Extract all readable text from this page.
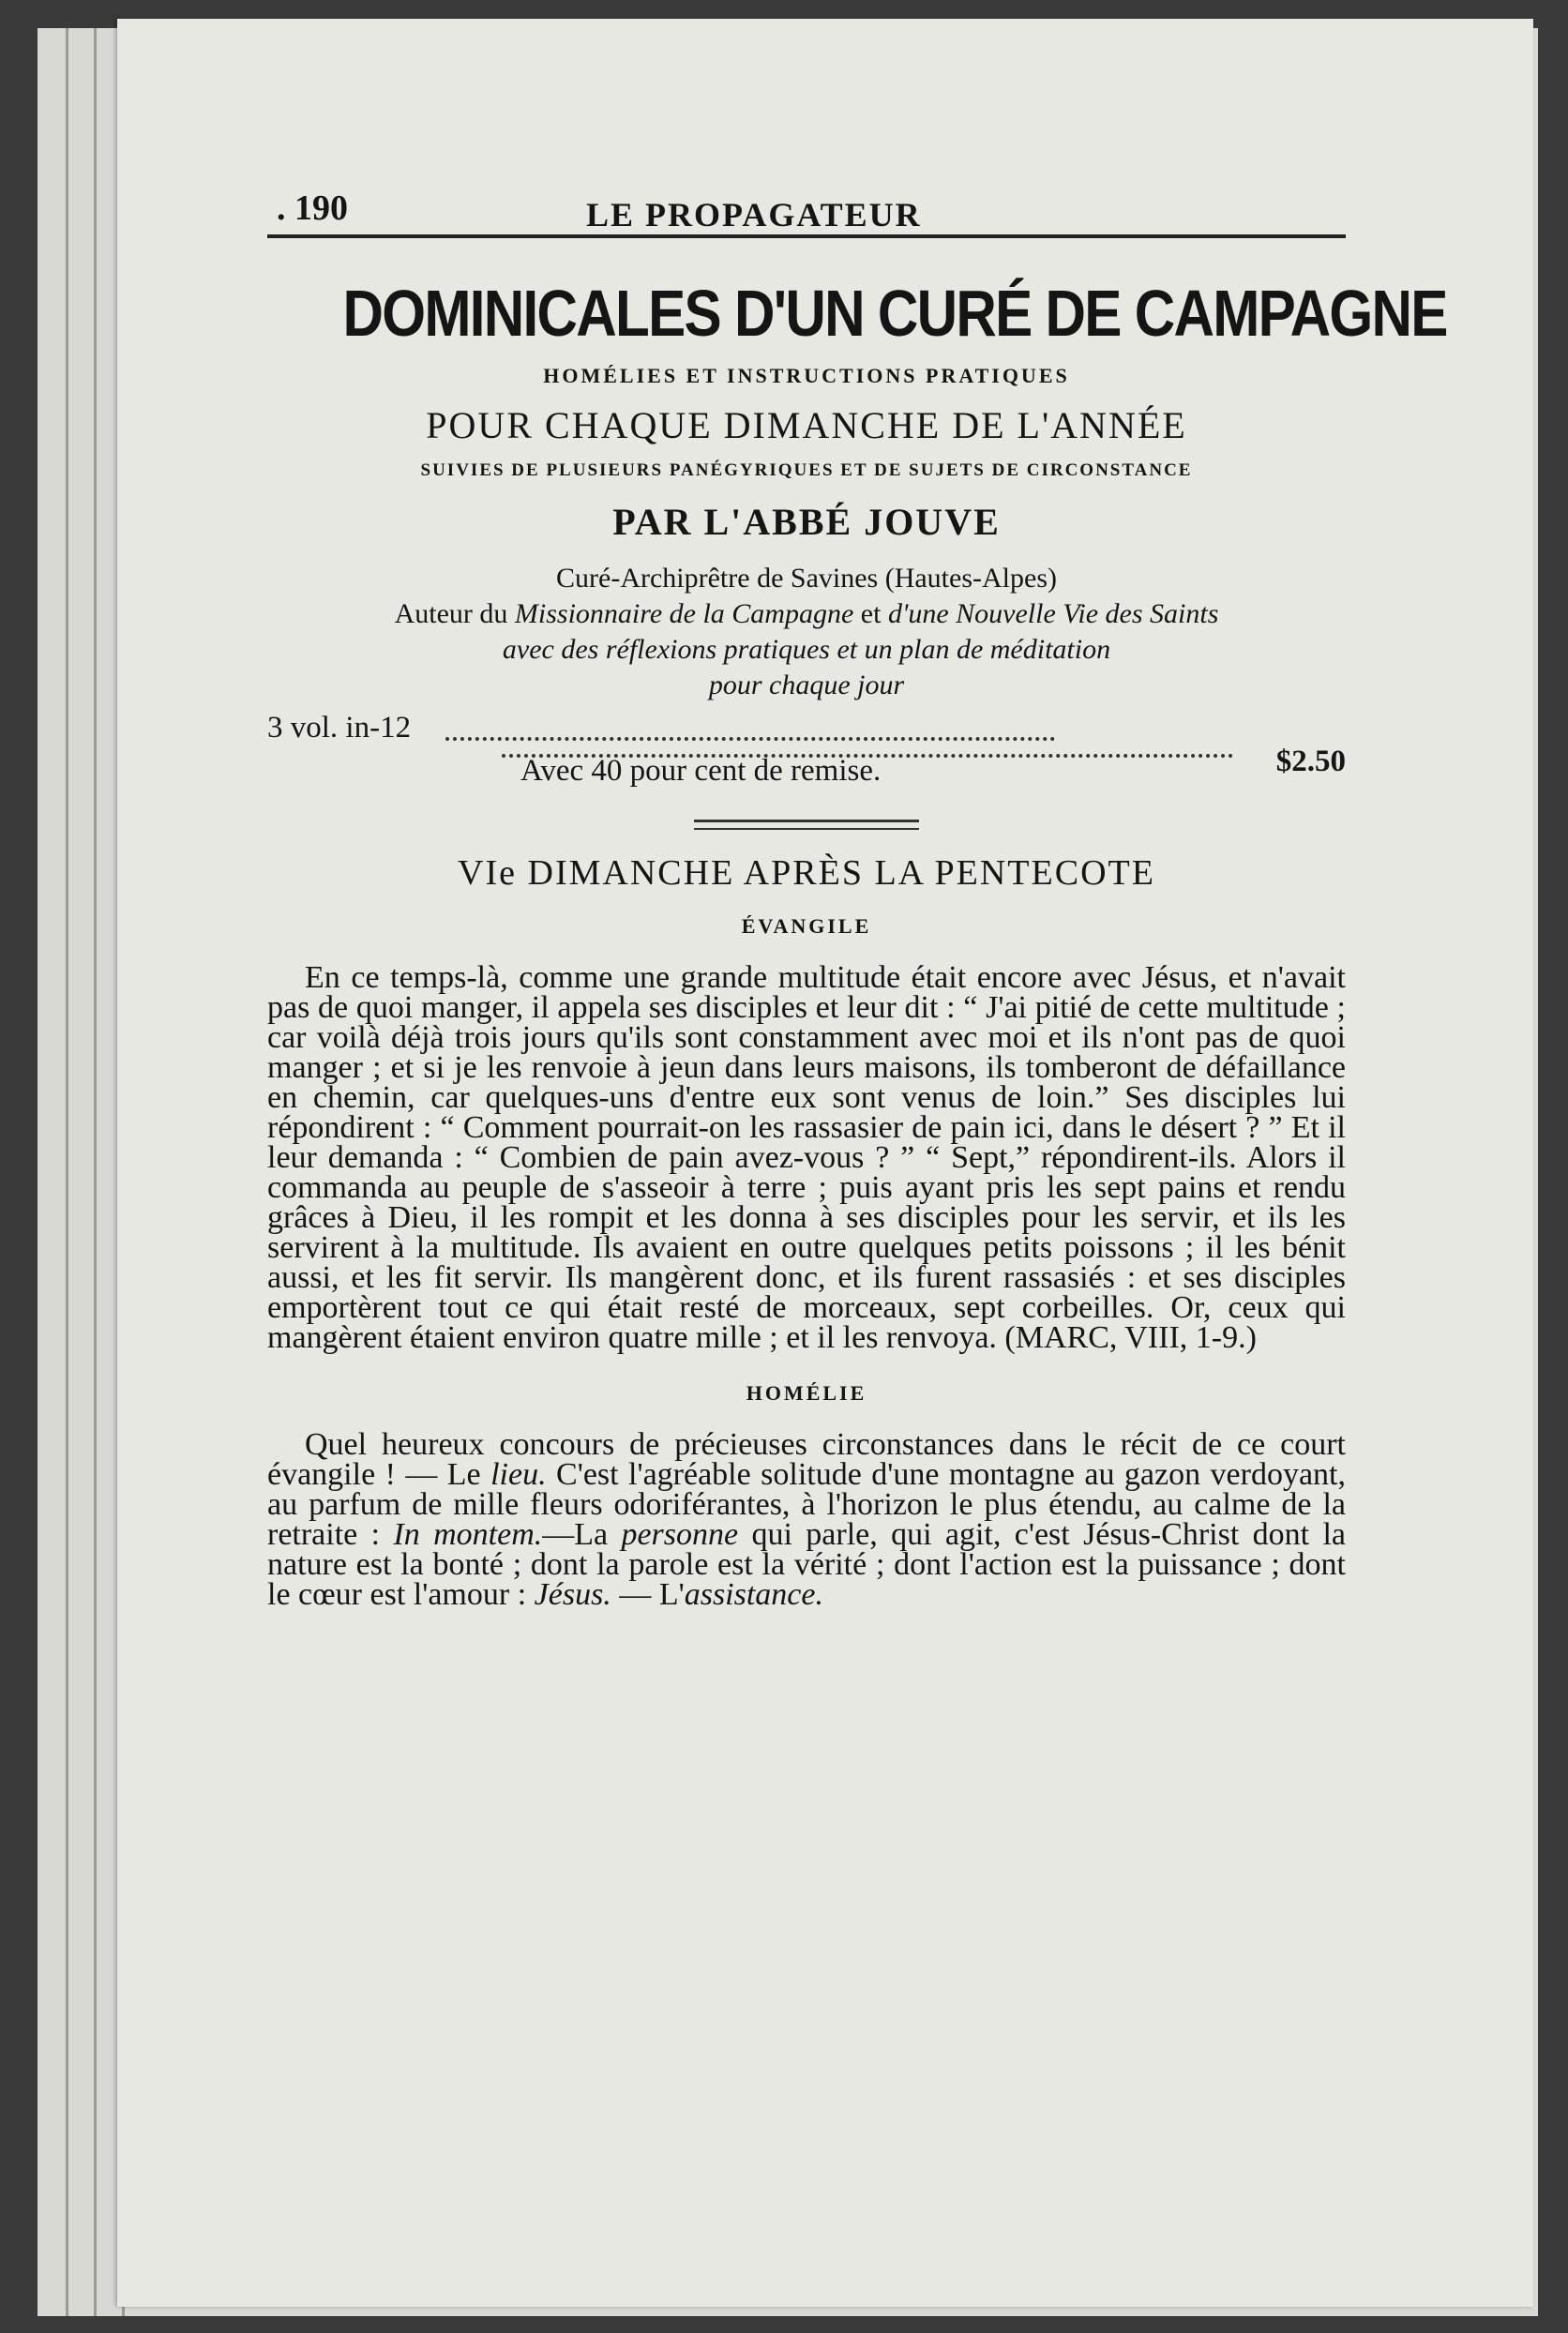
. 190	LE PROPAGATEUR
DOMINICALES D'UN CURÉ DE CAMPAGNE
HOMÉLIES ET INSTRUCTIONS PRATIQUES
POUR CHAQUE DIMANCHE DE L'ANNÉE
SUIVIES DE PLUSIEURS PANÉGYRIQUES ET DE SUJETS DE CIRCONSTANCE
PAR L'ABBÉ JOUVE
Curé-Archiprêtre de Savines (Hautes-Alpes)
Auteur du Missionnaire de la Campagne et d'une Nouvelle Vie des Saints
avec des réflexions pratiques et un plan de méditation
pour chaque jour
3 vol. in-12
$2.50
Avec 40 pour cent de remise.
VIe DIMANCHE APRÈS LA PENTECOTE
ÉVANGILE
En ce temps-là, comme une grande multitude était encore avec Jésus, et n'avait pas de quoi manger, il appela ses disciples et leur dit : “ J'ai pitié de cette multitude ; car voilà déjà trois jours qu'ils sont constamment avec moi et ils n'ont pas de quoi manger ; et si je les renvoie à jeun dans leurs maisons, ils tomberont de défaillance en chemin, car quelques-uns d'entre eux sont venus de loin.” Ses disciples lui répondirent : “ Comment pourrait-on les rassasier de pain ici, dans le désert ? ” Et il leur demanda : “ Combien de pain avez-vous ? ” “ Sept,” répondirent-ils. Alors il commanda au peuple de s'asseoir à terre ; puis ayant pris les sept pains et rendu grâces à Dieu, il les rompit et les donna à ses disciples pour les servir, et ils les servirent à la multitude. Ils avaient en outre quelques petits poissons ; il les bénit aussi, et les fit servir. Ils mangèrent donc, et ils furent rassasiés : et ses disciples emportèrent tout ce qui était resté de morceaux, sept corbeilles. Or, ceux qui mangèrent étaient environ quatre mille ; et il les renvoya. (MARC, VIII, 1-9.)
HOMÉLIE
Quel heureux concours de précieuses circonstances dans le récit de ce court évangile ! — Le lieu. C'est l'agréable solitude d'une montagne au gazon verdoyant, au parfum de mille fleurs odoriférantes, à l'horizon le plus étendu, au calme de la retraite : In montem.—La personne qui parle, qui agit, c'est Jésus-Christ dont la nature est la bonté ; dont la parole est la vérité ; dont l'action est la puissance ; dont le cœur est l'amour : Jésus. — L'assistance.
